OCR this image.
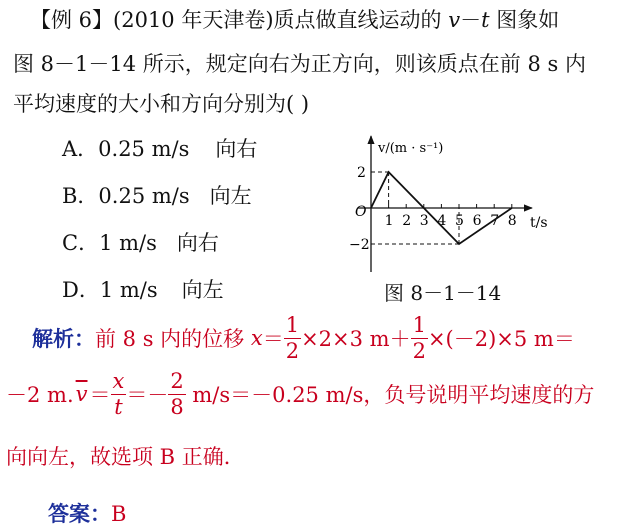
【例 6】(2010 年天津卷)质点做直线运动的 v－t 图象如
图 8－1－14 所示，规定向右为正方向，则该质点在前 8 s 内
平均速度的大小和方向分别为( )
A．0.25 m/s 向右
B．0.25 m/s 向左
C．1 m/s 向右
D．1 m/s 向左
v/(m · s⁻¹)
t/s
O
1 2 3 4 5 6 7 8
2
−2
图 8－1－14
解析： 前 8 s 内的位移 $x = \frac{1}{2} \times 2\times 3$ $m+ \frac{1}{2} \times(-2)\times 5$ m＝
－2 m. $\overline{v} = \frac{x}{t} =- \frac{2}{8} m/s=-0.25$ m/s，负号说明平均速度的方
向向左，故选项 B 正确．
答案：B
